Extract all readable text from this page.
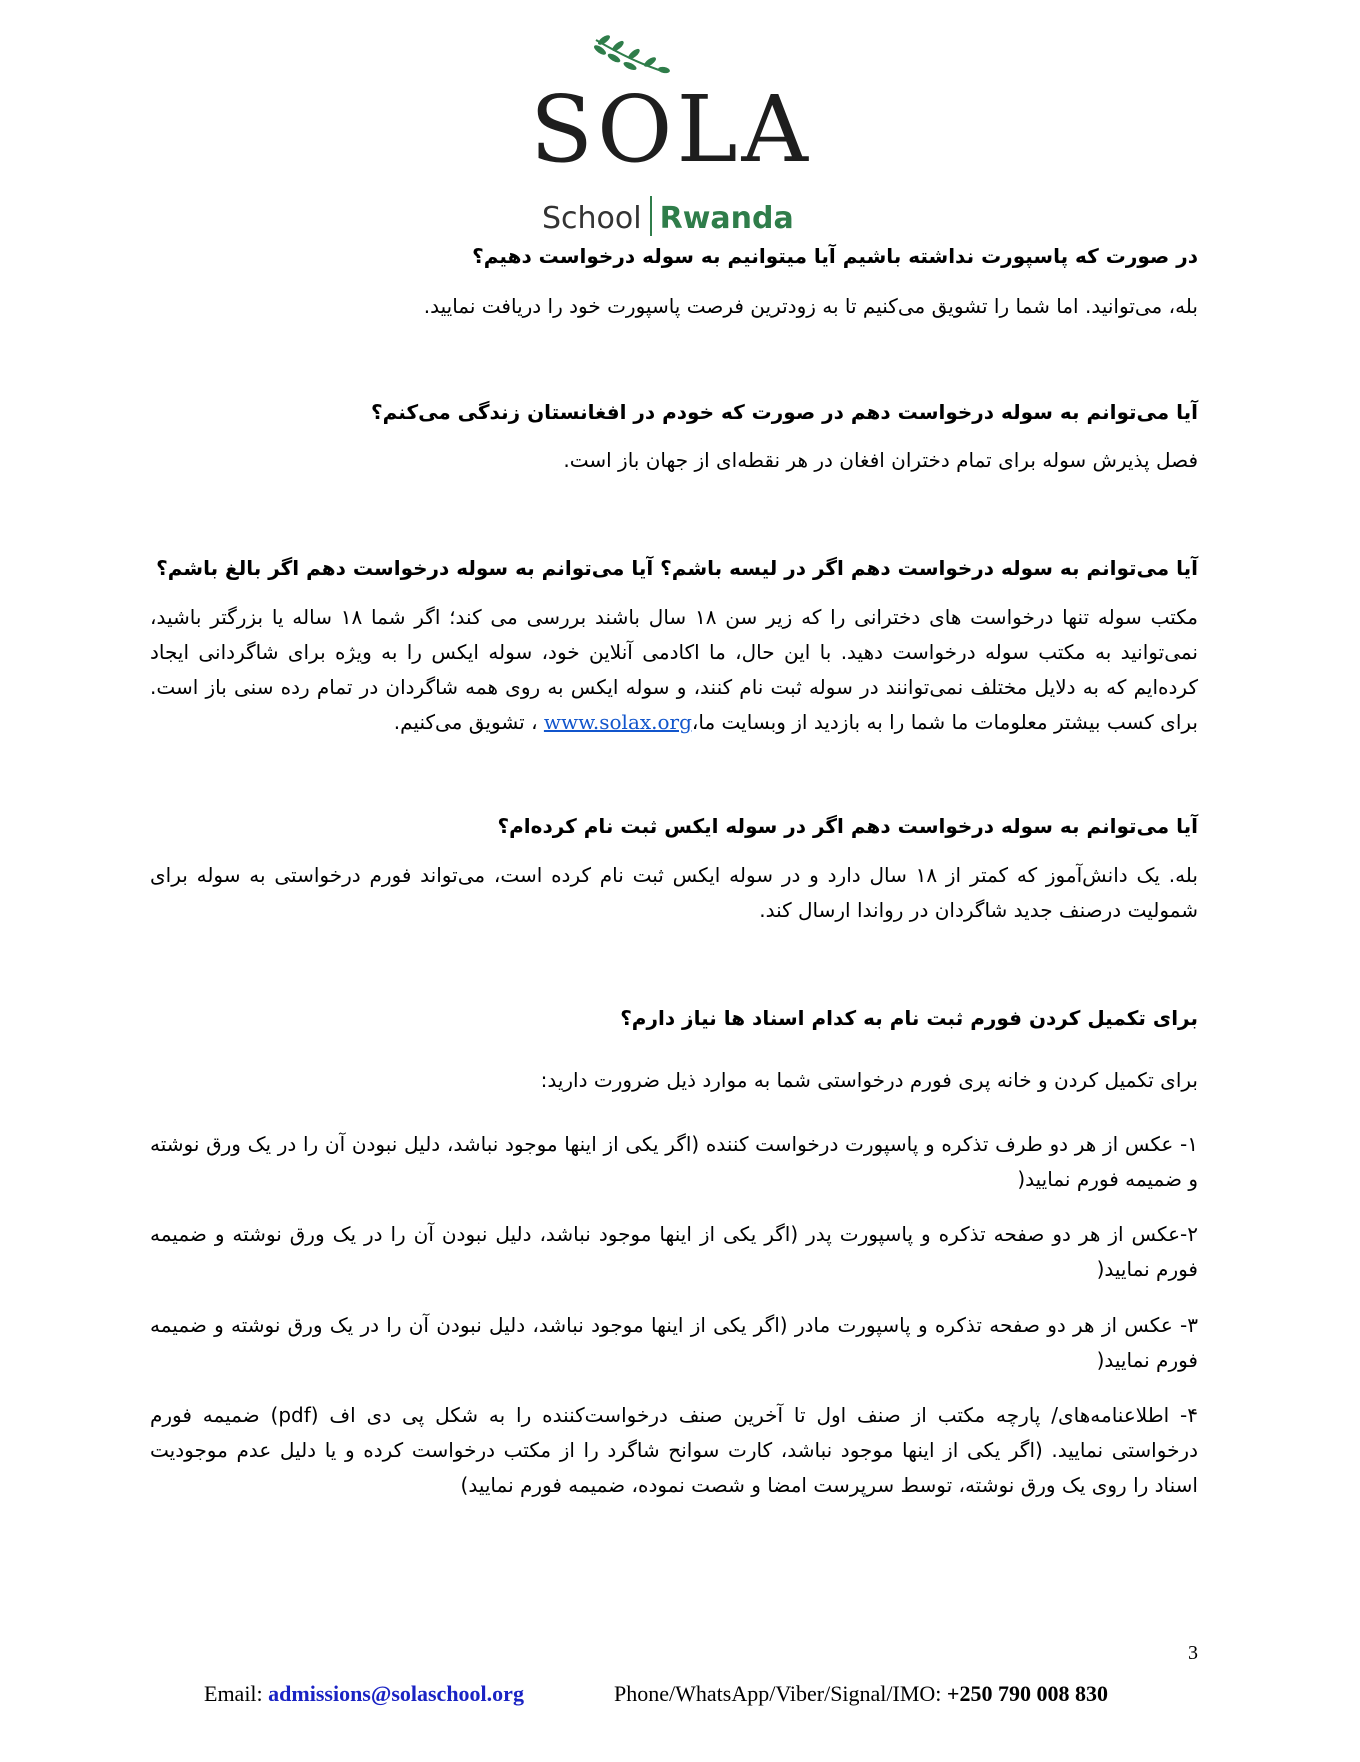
SOLA
School Rwanda
در صورت که پاسپورت نداشته باشیم آیا میتوانیم به سوله درخواست دهیم؟
بله، می‌توانید. اما شما را تشویق می‌کنیم تا به زودترین فرصت پاسپورت خود را دریافت نمایید.
آیا می‌توانم به سوله درخواست دهم در صورت که خودم در افغانستان زندگی می‌کنم؟
فصل پذیرش سوله برای تمام دختران افغان در هر نقطه‌ای از جهان باز است.
آیا می‌توانم به سوله درخواست دهم اگر در لیسه باشم؟ آیا می‌توانم به سوله درخواست دهم اگر بالغ باشم؟
مکتب سوله تنها درخواست های دخترانی را که زیر سن ۱۸ سال باشند بررسی می کند؛ اگر شما ۱۸ ساله یا بزرگتر باشید، نمی‌توانید به مکتب سوله درخواست دهید. با این حال، ما اکادمی آنلاین خود، سوله ایکس را به ویژه برای شاگردانی ایجاد کرده‌ایم که به دلایل مختلف نمی‌توانند در سوله ثبت نام کنند، و سوله ایکس به روی همه شاگردان در تمام رده سنی باز است. برای کسب بیشتر معلومات ما شما را به بازدید از وبسایت ما،www.solax.org ، تشویق می‌کنیم.
آیا می‌توانم به سوله درخواست دهم اگر در سوله ایکس ثبت نام کرده‌ام؟
بله. یک دانش‌آموز که کمتر از ۱۸ سال دارد و در سوله ایکس ثبت نام کرده است، می‌تواند فورم درخواستی به سوله برای شمولیت درصنف جدید شاگردان در رواندا ارسال کند.
برای تکمیل کردن فورم ثبت نام به کدام اسناد ها نیاز دارم؟
برای تکمیل کردن و خانه پری فورم درخواستی شما به موارد ذیل ضرورت دارید:
۱- عکس از هر دو طرف تذکره و پاسپورت درخواست کننده (اگر یکی از اینها موجود نباشد، دلیل نبودن آن را در یک ورق نوشته و ضمیمه فورم نمایید(
۲-عکس از هر دو صفحه تذکره و پاسپورت پدر (اگر یکی از اینها موجود نباشد، دلیل نبودن آن را در یک ورق نوشته و ضمیمه فورم نمایید(
۳- عکس از هر دو صفحه تذکره و پاسپورت مادر (اگر یکی از اینها موجود نباشد، دلیل نبودن آن را در یک ورق نوشته و ضمیمه فورم نمایید(
۴- اطلاعنامه‌های/ پارچه مکتب از صنف اول تا آخرین صنف درخواست‌کننده را به شکل پی دی اف (pdf) ضمیمه فورم درخواستی نمایید. (اگر یکی از اینها موجود نباشد، کارت سوانح شاگرد را از مکتب درخواست کرده و یا دلیل عدم موجودیت اسناد را روی یک ورق نوشته، توسط سرپرست امضا و شصت نموده، ضمیمه فورم نمایید)
3
Email: admissions@solaschool.org	Phone/WhatsApp/Viber/Signal/IMO: +250 790 008 830
